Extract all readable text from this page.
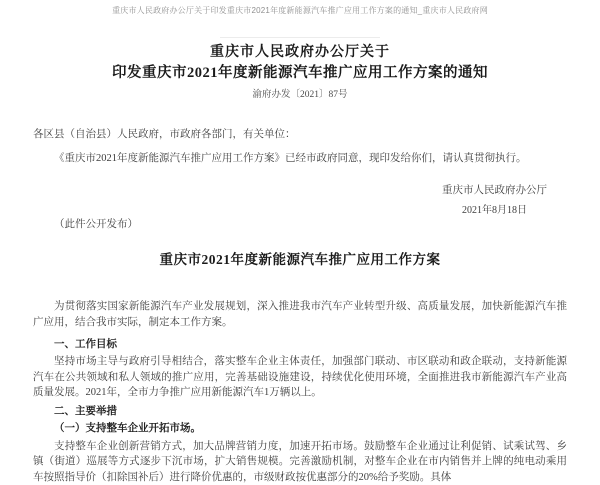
重庆市人民政府办公厅关于印发重庆市2021年度新能源汽车推广应用工作方案的通知_重庆市人民政府网
重庆市人民政府办公厅关于
印发重庆市2021年度新能源汽车推广应用工作方案的通知
渝府办发〔2021〕87号
各区县（自治县）人民政府，市政府各部门，有关单位：
《重庆市2021年度新能源汽车推广应用工作方案》已经市政府同意，现印发给你们，请认真贯彻执行。
重庆市人民政府办公厅
2021年8月18日
（此件公开发布）
重庆市2021年度新能源汽车推广应用工作方案
为贯彻落实国家新能源汽车产业发展规划，深入推进我市汽车产业转型升级、高质量发展，加快新能源汽车推广应用，结合我市实际，制定本工作方案。
一、工作目标
坚持市场主导与政府引导相结合，落实整车企业主体责任，加强部门联动、市区联动和政企联动，支持新能源汽车在公共领域和私人领域的推广应用，完善基础设施建设，持续优化使用环境，全面推进我市新能源汽车产业高质量发展。2021年，全市力争推广应用新能源汽车1万辆以上。
二、主要举措
（一）支持整车企业开拓市场。
支持整车企业创新营销方式，加大品牌营销力度，加速开拓市场。鼓励整车企业通过让利促销、试乘试驾、乡镇（街道）巡展等方式逐步下沉市场，扩大销售规模。完善激励机制，对整车企业在市内销售并上牌的纯电动乘用车按照指导价（扣除国补后）进行降价优惠的，市级财政按优惠部分的20%给予奖励。具体
